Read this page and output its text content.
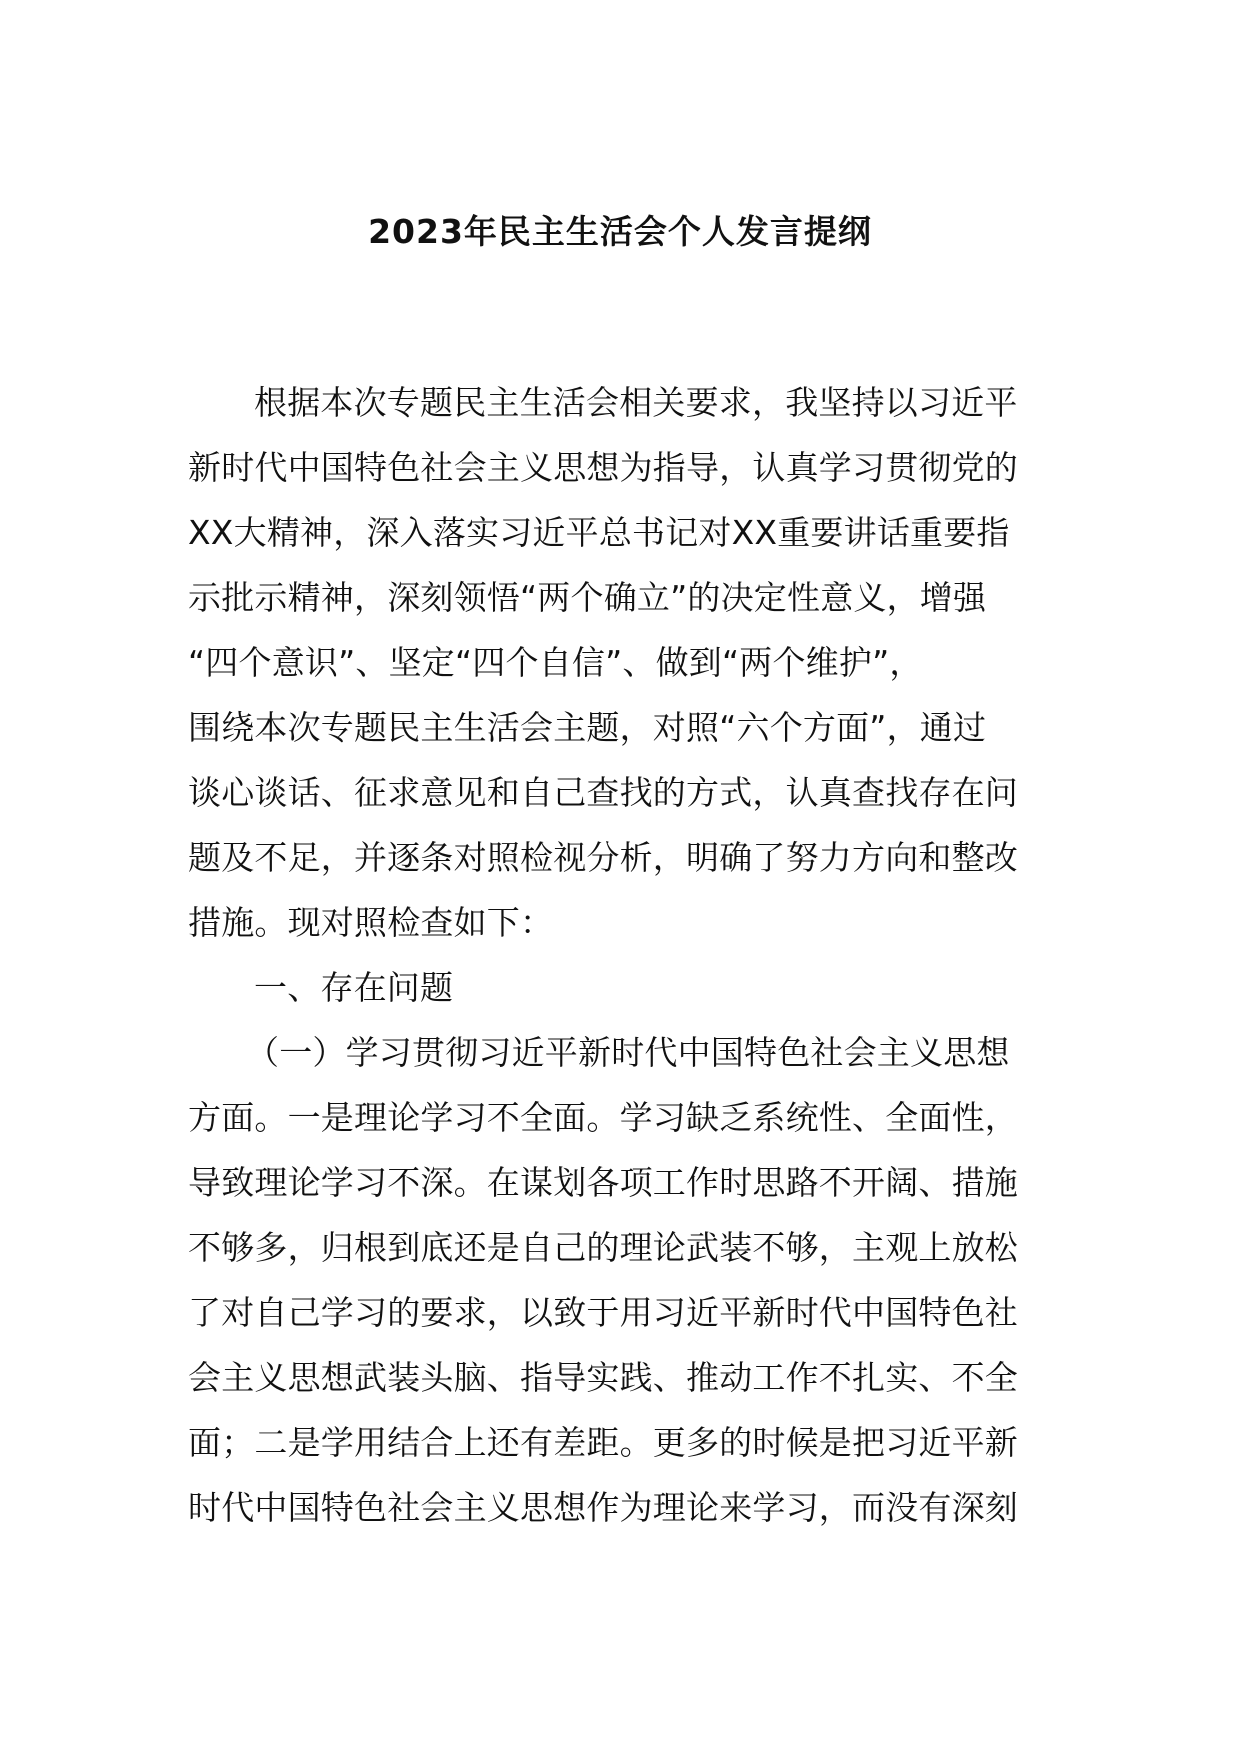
2023年民主生活会个人发言提纲
根据本次专题民主生活会相关要求，我坚持以习近平
新时代中国特色社会主义思想为指导，认真学习贯彻党的
XX大精神，深入落实习近平总书记对XX重要讲话重要指
示批示精神，深刻领悟“两个确立”的决定性意义，增强
“四个意识”、坚定“四个自信”、做到“两个维护”，
围绕本次专题民主生活会主题，对照“六个方面”，通过
谈心谈话、征求意见和自己查找的方式，认真查找存在问
题及不足，并逐条对照检视分析，明确了努力方向和整改
措施。现对照检查如下：
一、存在问题
（一）学习贯彻习近平新时代中国特色社会主义思想
方面。一是理论学习不全面。学习缺乏系统性、全面性，
导致理论学习不深。在谋划各项工作时思路不开阔、措施
不够多，归根到底还是自己的理论武装不够，主观上放松
了对自己学习的要求，以致于用习近平新时代中国特色社
会主义思想武装头脑、指导实践、推动工作不扎实、不全
面；二是学用结合上还有差距。更多的时候是把习近平新
时代中国特色社会主义思想作为理论来学习，而没有深刻
